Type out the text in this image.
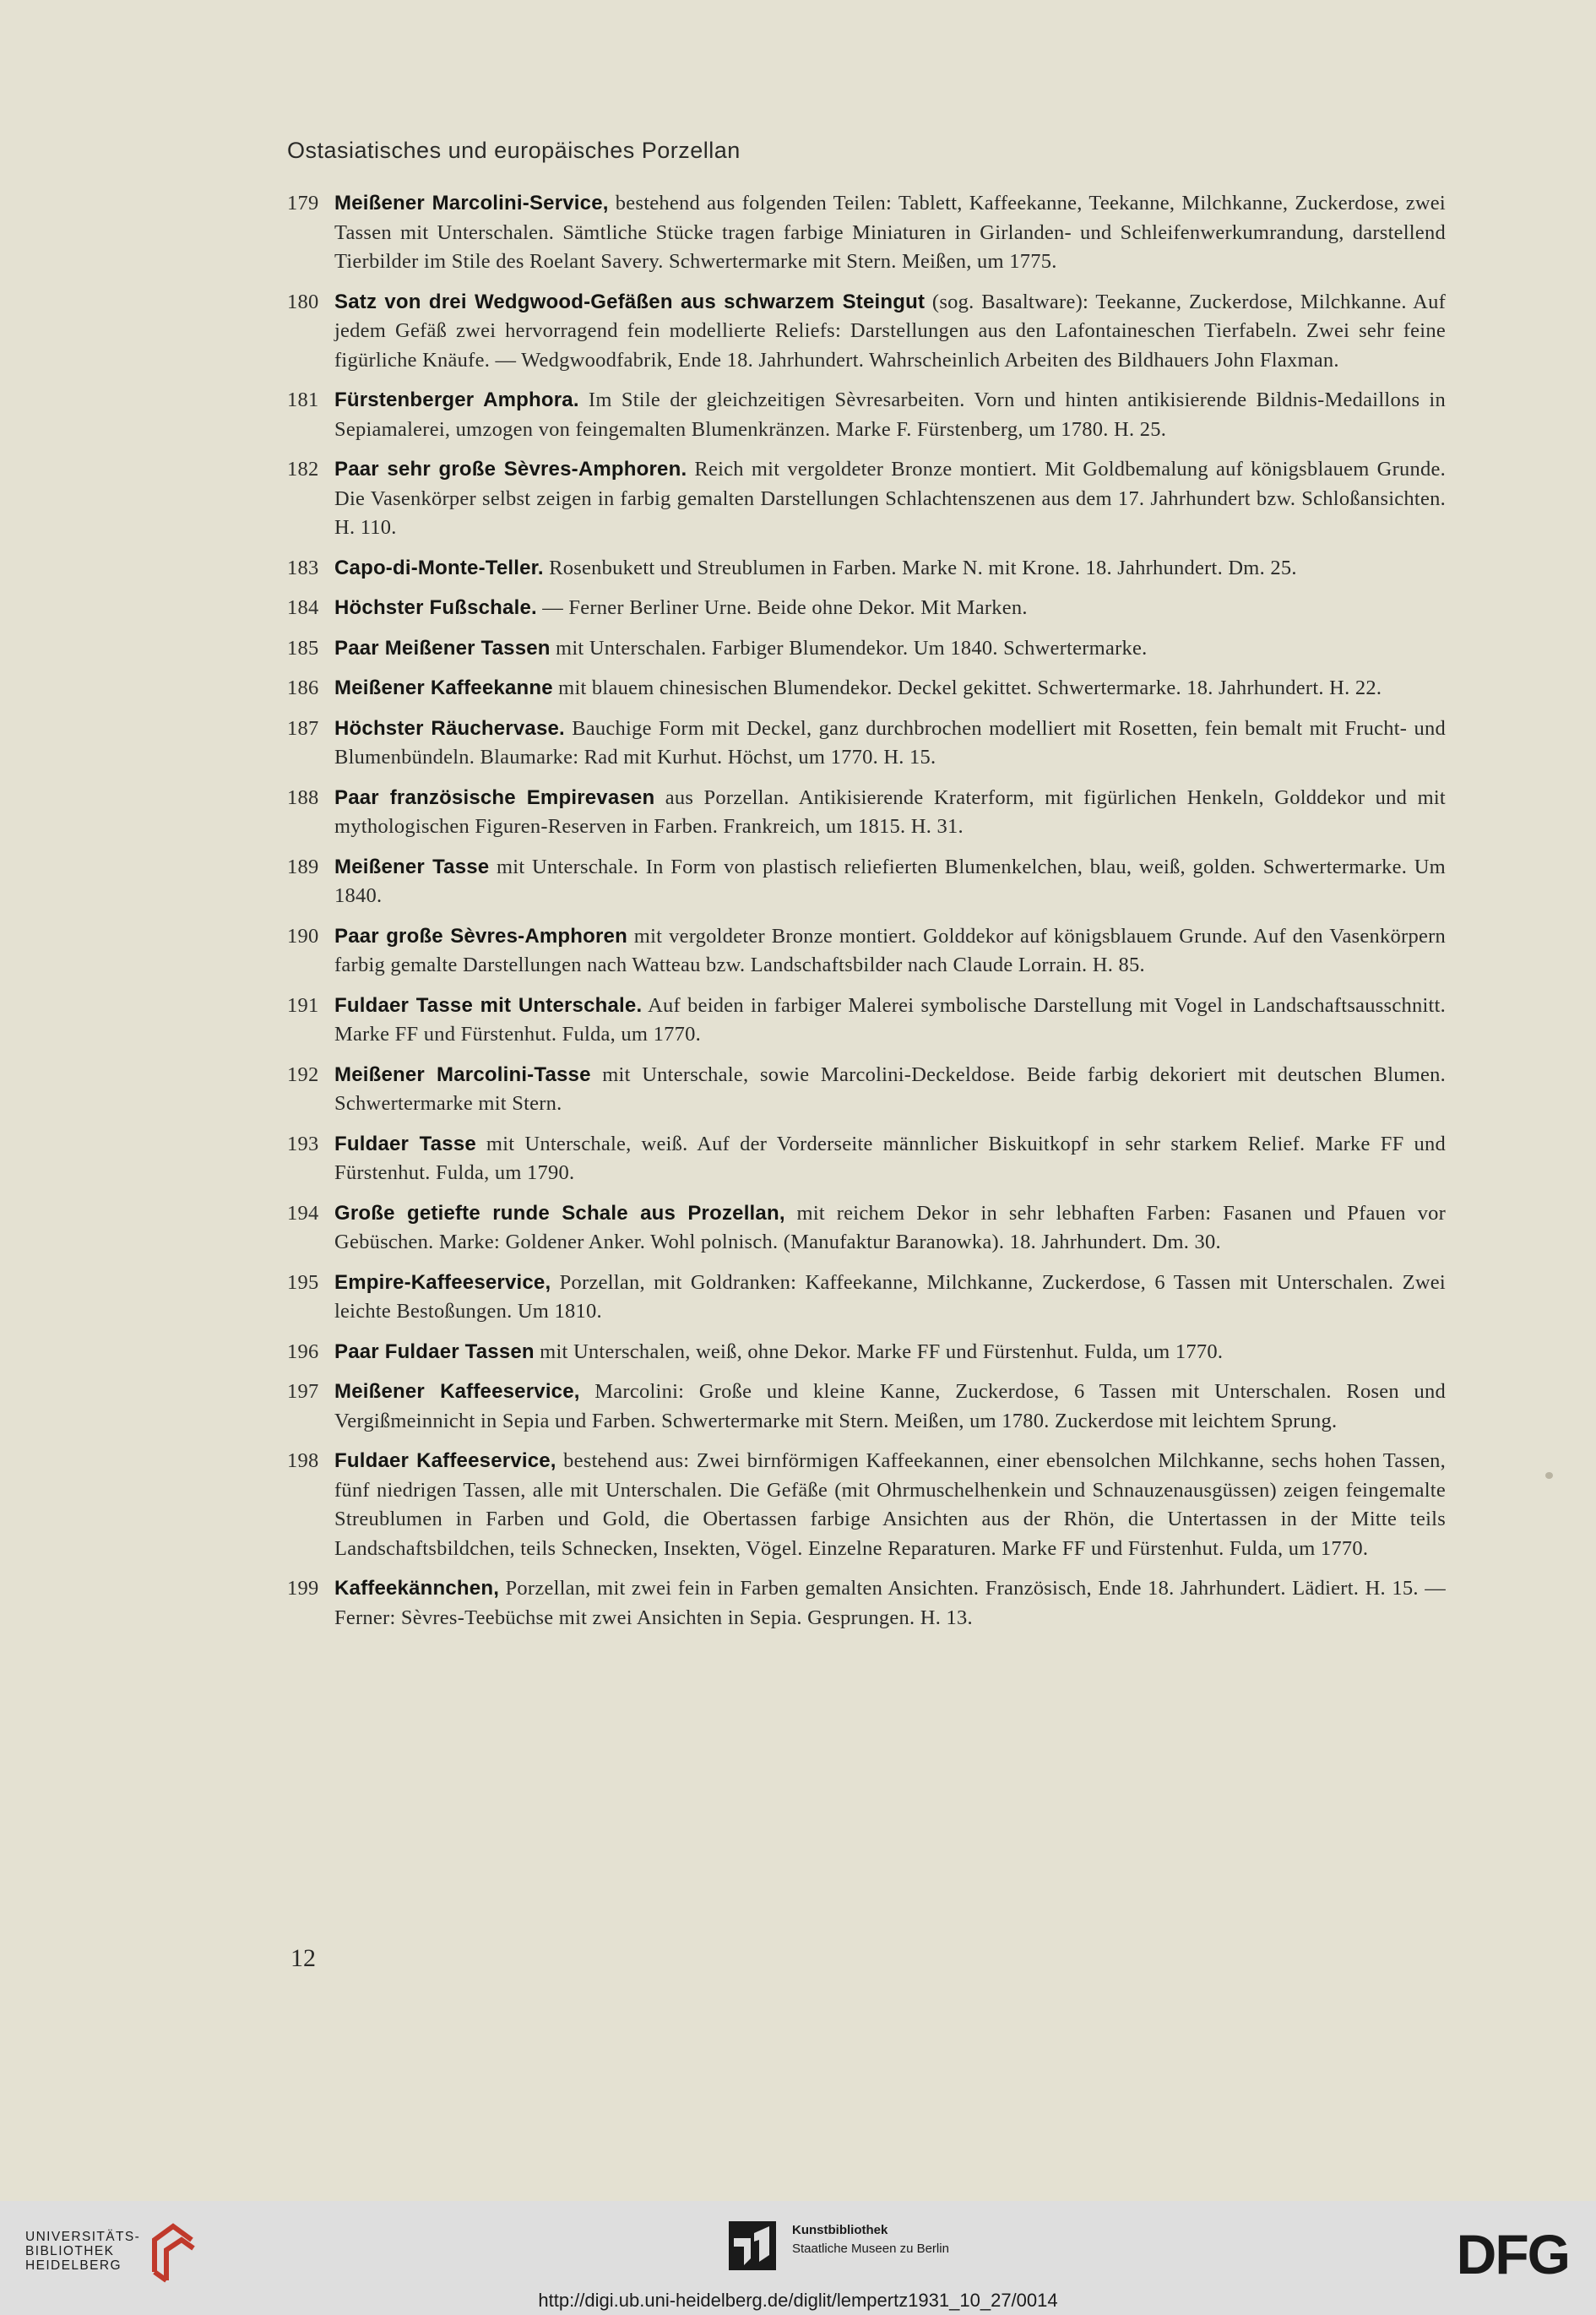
Ostasiatisches und europäisches Porzellan
179 Meißener Marcolini-Service, bestehend aus folgenden Teilen: Tablett, Kaffeekanne, Teekanne, Milchkanne, Zuckerdose, zwei Tassen mit Unterschalen. Sämtliche Stücke tragen farbige Miniaturen in Girlanden- und Schleifenwerkumrandung, darstellend Tierbilder im Stile des Roelant Savery. Schwertermarke mit Stern. Meißen, um 1775.
180 Satz von drei Wedgwood-Gefäßen aus schwarzem Steingut (sog. Basaltware): Teekanne, Zuckerdose, Milchkanne. Auf jedem Gefäß zwei hervorragend fein modellierte Reliefs: Darstellungen aus den Lafontaineschen Tierfabeln. Zwei sehr feine figürliche Knäufe. — Wedgwoodfabrik, Ende 18. Jahrhundert. Wahrscheinlich Arbeiten des Bildhauers John Flaxman.
181 Fürstenberger Amphora. Im Stile der gleichzeitigen Sèvresarbeiten. Vorn und hinten antikisierende Bildnis-Medaillons in Sepiamalerei, umzogen von feingemalten Blumenkränzen. Marke F. Fürstenberg, um 1780. H. 25.
182 Paar sehr große Sèvres-Amphoren. Reich mit vergoldeter Bronze montiert. Mit Goldbemalung auf königsblauem Grunde. Die Vasenkörper selbst zeigen in farbig gemalten Darstellungen Schlachtenszenen aus dem 17. Jahrhundert bzw. Schloßansichten. H. 110.
183 Capo-di-Monte-Teller. Rosenbukett und Streublumen in Farben. Marke N. mit Krone. 18. Jahrhundert. Dm. 25.
184 Höchster Fußschale. — Ferner Berliner Urne. Beide ohne Dekor. Mit Marken.
185 Paar Meißener Tassen mit Unterschalen. Farbiger Blumendekor. Um 1840. Schwertermarke.
186 Meißener Kaffeekanne mit blauem chinesischen Blumendekor. Deckel gekittet. Schwertermarke. 18. Jahrhundert. H. 22.
187 Höchster Räuchervase. Bauchige Form mit Deckel, ganz durchbrochen modelliert mit Rosetten, fein bemalt mit Frucht- und Blumenbündeln. Blaumarke: Rad mit Kurhut. Höchst, um 1770. H. 15.
188 Paar französische Empirevasen aus Porzellan. Antikisierende Kraterform, mit figürlichen Henkeln, Golddekor und mit mythologischen Figuren-Reserven in Farben. Frankreich, um 1815. H. 31.
189 Meißener Tasse mit Unterschale. In Form von plastisch reliefierten Blumenkelchen, blau, weiß, golden. Schwertermarke. Um 1840.
190 Paar große Sèvres-Amphoren mit vergoldeter Bronze montiert. Golddekor auf königsblauem Grunde. Auf den Vasenkörpern farbig gemalte Darstellungen nach Watteau bzw. Landschaftsbilder nach Claude Lorrain. H. 85.
191 Fuldaer Tasse mit Unterschale. Auf beiden in farbiger Malerei symbolische Darstellung mit Vogel in Landschaftsausschnitt. Marke FF und Fürstenhut. Fulda, um 1770.
192 Meißener Marcolini-Tasse mit Unterschale, sowie Marcolini-Deckeldose. Beide farbig dekoriert mit deutschen Blumen. Schwertermarke mit Stern.
193 Fuldaer Tasse mit Unterschale, weiß. Auf der Vorderseite männlicher Biskuitkopf in sehr starkem Relief. Marke FF und Fürstenhut. Fulda, um 1790.
194 Große getiefte runde Schale aus Prozellan, mit reichem Dekor in sehr lebhaften Farben: Fasanen und Pfauen vor Gebüschen. Marke: Goldener Anker. Wohl polnisch. (Manufaktur Baranowka). 18. Jahrhundert. Dm. 30.
195 Empire-Kaffeeservice, Porzellan, mit Goldranken: Kaffeekanne, Milchkanne, Zuckerdose, 6 Tassen mit Unterschalen. Zwei leichte Bestoßungen. Um 1810.
196 Paar Fuldaer Tassen mit Unterschalen, weiß, ohne Dekor. Marke FF und Fürstenhut. Fulda, um 1770.
197 Meißener Kaffeeservice, Marcolini: Große und kleine Kanne, Zuckerdose, 6 Tassen mit Unterschalen. Rosen und Vergißmeinnicht in Sepia und Farben. Schwertermarke mit Stern. Meißen, um 1780. Zuckerdose mit leichtem Sprung.
198 Fuldaer Kaffeeservice, bestehend aus: Zwei birnförmigen Kaffeekannen, einer ebensolchen Milchkanne, sechs hohen Tassen, fünf niedrigen Tassen, alle mit Unterschalen. Die Gefäße (mit Ohrmuschelhenkein und Schnauzenausgüssen) zeigen feingemalte Streublumen in Farben und Gold, die Obertassen farbige Ansichten aus der Rhön, die Untertassen in der Mitte teils Landschaftsbildchen, teils Schnecken, Insekten, Vögel. Einzelne Reparaturen. Marke FF und Fürstenhut. Fulda, um 1770.
199 Kaffeekännchen, Porzellan, mit zwei fein in Farben gemalten Ansichten. Französisch, Ende 18. Jahrhundert. Lädiert. H. 15. — Ferner: Sèvres-Teebüchse mit zwei Ansichten in Sepia. Gesprungen. H. 13.
12
UNIVERSITÄTS-
BIBLIOTHEK
HEIDELBERG
Kunstbibliothek
Staatliche Museen zu Berlin	DFG
http://digi.ub.uni-heidelberg.de/diglit/lempertz1931_10_27/0014
